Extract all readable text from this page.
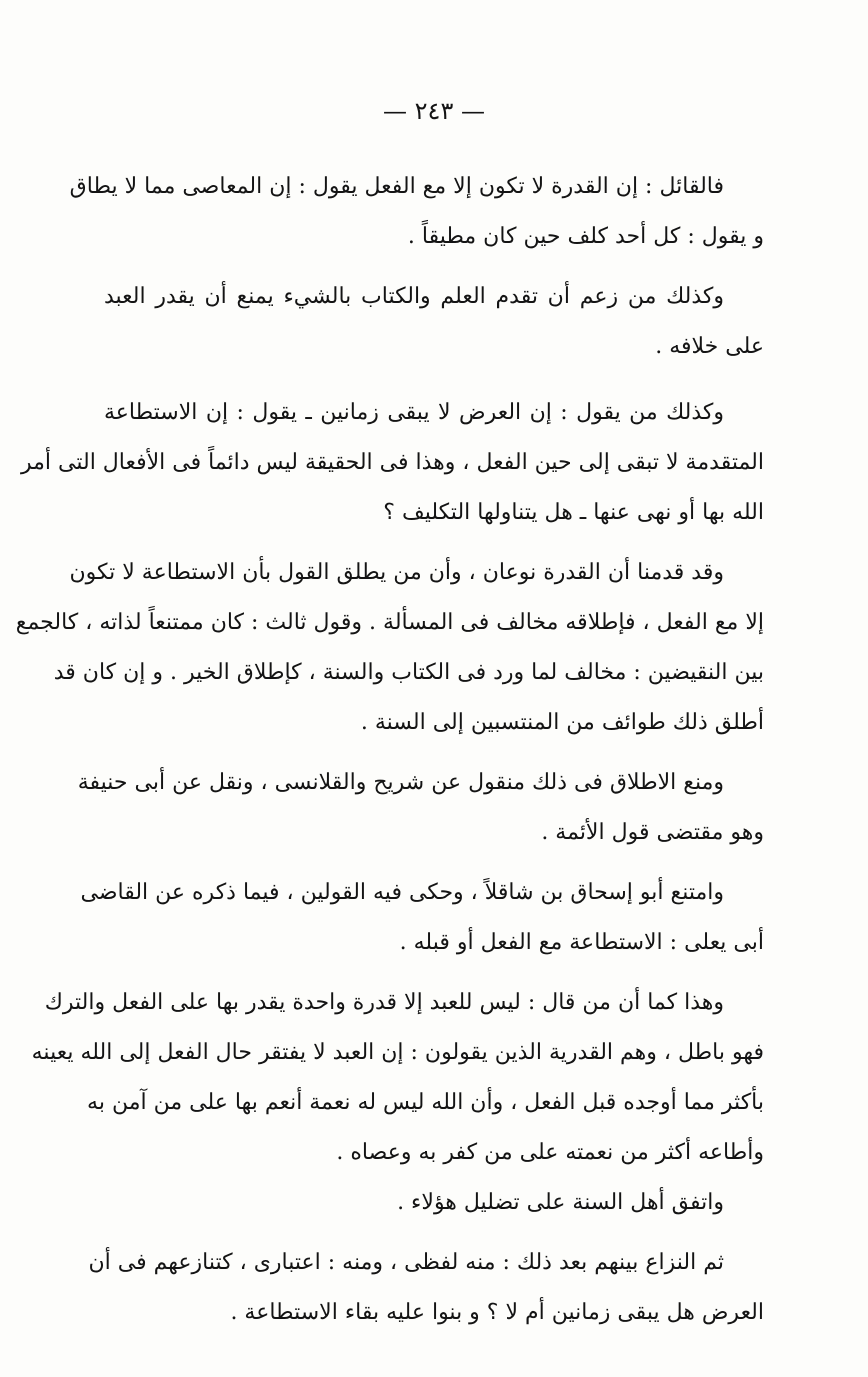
— ٢٤٣ —
فالقائل : إن القدرة لا تكون إلا مع الفعل يقول : إن المعاصى مما لا يطاق
و يقول : كل أحد كلف حين كان مطيقاً .
وكذلك من زعم أن تقدم العلم والكتاب بالشيء يمنع أن يقدر العبد
على خلافه .
وكذلك من يقول : إن العرض لا يبقى زمانين ـ يقول : إن الاستطاعة
المتقدمة لا تبقى إلى حين الفعل ، وهذا فى الحقيقة ليس دائماً فى الأفعال التى أمر
الله بها أو نهى عنها ـ هل يتناولها التكليف ؟
وقد قدمنا أن القدرة نوعان ، وأن من يطلق القول بأن الاستطاعة لا تكون
إلا مع الفعل ، فإطلاقه مخالف فى المسألة . وقول ثالث : كان ممتنعاً لذاته ، كالجمع
بين النقيضين : مخالف لما ورد فى الكتاب والسنة ، كإطلاق الخير . و إن كان قد
أطلق ذلك طوائف من المنتسبين إلى السنة .
ومنع الاطلاق فى ذلك منقول عن شريح والقلانسى ، ونقل عن أبى حنيفة
وهو مقتضى قول الأئمة .
وامتنع أبو إسحاق بن شاقلاً ، وحكى فيه القولين ، فيما ذكره عن القاضى
أبى يعلى : الاستطاعة مع الفعل أو قبله .
وهذا كما أن من قال : ليس للعبد إلا قدرة واحدة يقدر بها على الفعل والترك
فهو باطل ، وهم القدرية الذين يقولون : إن العبد لا يفتقر حال الفعل إلى الله يعينه
بأكثر مما أوجده قبل الفعل ، وأن الله ليس له نعمة أنعم بها على من آمن به
وأطاعه أكثر من نعمته على من كفر به وعصاه .
واتفق أهل السنة على تضليل هؤلاء .
ثم النزاع بينهم بعد ذلك : منه لفظى ، ومنه : اعتبارى ، كتنازعهم فى أن
العرض هل يبقى زمانين أم لا ؟ و بنوا عليه بقاء الاستطاعة .
